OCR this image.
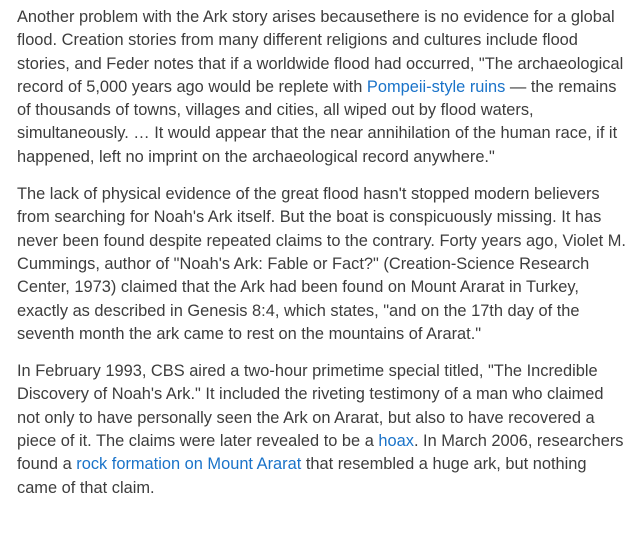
Another problem with the Ark story arises becausethere is no evidence for a global flood. Creation stories from many different religions and cultures include flood stories, and Feder notes that if a worldwide flood had occurred, "The archaeological record of 5,000 years ago would be replete with Pompeii-style ruins — the remains of thousands of towns, villages and cities, all wiped out by flood waters, simultaneously. … It would appear that the near annihilation of the human race, if it happened, left no imprint on the archaeological record anywhere."

The lack of physical evidence of the great flood hasn't stopped modern believers from searching for Noah's Ark itself. But the boat is conspicuously missing. It has never been found despite repeated claims to the contrary. Forty years ago, Violet M. Cummings, author of "Noah's Ark: Fable or Fact?" (Creation-Science Research Center, 1973) claimed that the Ark had been found on Mount Ararat in Turkey, exactly as described in Genesis 8:4, which states, "and on the 17th day of the seventh month the ark came to rest on the mountains of Ararat."

In February 1993, CBS aired a two-hour primetime special titled, "The Incredible Discovery of Noah's Ark." It included the riveting testimony of a man who claimed not only to have personally seen the Ark on Ararat, but also to have recovered a piece of it. The claims were later revealed to be a hoax. In March 2006, researchers found a rock formation on Mount Ararat that resembled a huge ark, but nothing came of that claim.
